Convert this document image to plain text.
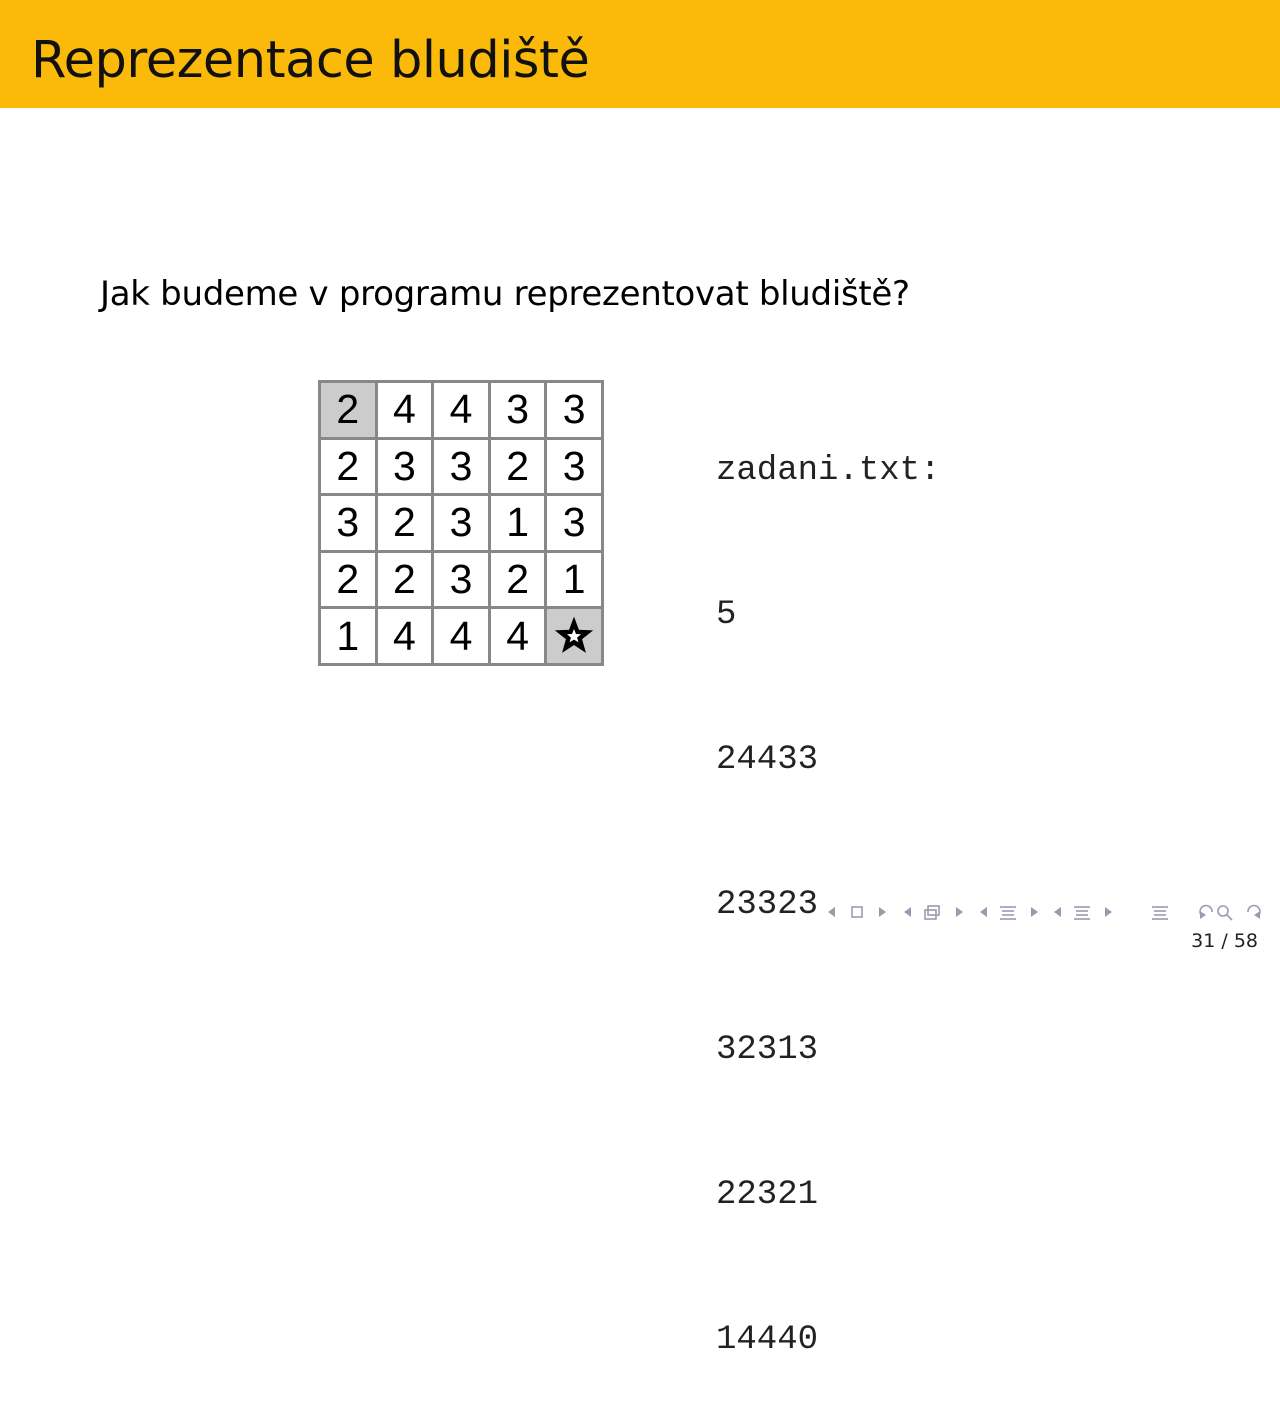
Reprezentace bludiště
Jak budeme v programu reprezentovat bludiště?
2 4 4 3 3
2 3 3 2 3
3 2 3 1 3
2 2 3 2 1
1 4 4 4

zadani.txt:

5

24433

23323

32313

22321

14440

31 / 58
